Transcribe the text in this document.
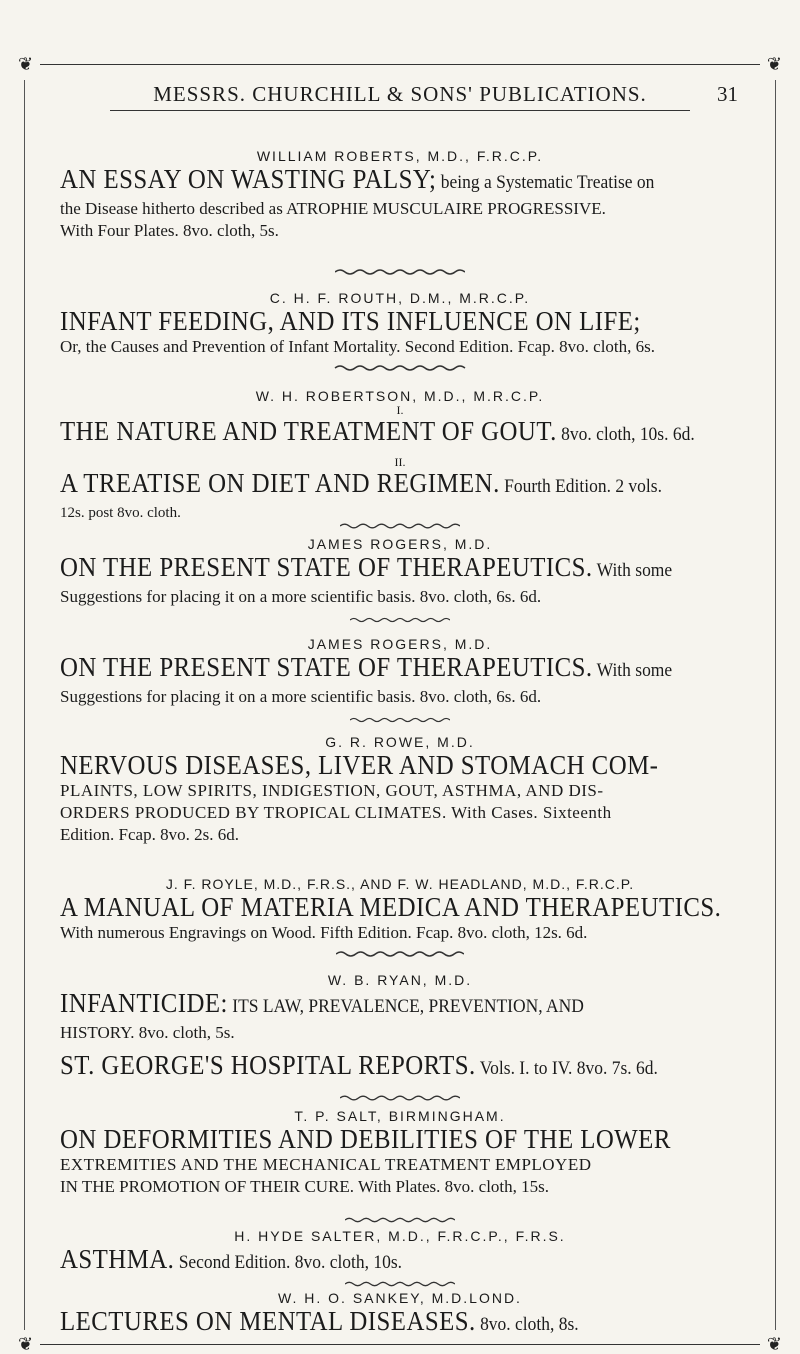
❦	❦
❦	❦
MESSRS. CHURCHILL & SONS' PUBLICATIONS.	31

WILLIAM ROBERTS, M.D., F.R.C.P.

AN ESSAY ON WASTING PALSY; being a Systematic Treatise on

the Disease hitherto described as ATROPHIE MUSCULAIRE PROGRESSIVE.

With Four Plates. 8vo. cloth, 5s.

C. H. F. ROUTH, D.M., M.R.C.P.

INFANT FEEDING, AND ITS INFLUENCE ON LIFE;

Or, the Causes and Prevention of Infant Mortality. Second Edition. Fcap. 8vo. cloth, 6s.

W. H. ROBERTSON, M.D., M.R.C.P.

I.

THE NATURE AND TREATMENT OF GOUT. 8vo. cloth, 10s. 6d.

II.

A TREATISE ON DIET AND REGIMEN. Fourth Edition. 2 vols.

12s. post 8vo. cloth.

JAMES ROGERS, M.D.

ON THE PRESENT STATE OF THERAPEUTICS. With some

Suggestions for placing it on a more scientific basis. 8vo. cloth, 6s. 6d.

JAMES ROGERS, M.D.

ON THE PRESENT STATE OF THERAPEUTICS. With some

Suggestions for placing it on a more scientific basis. 8vo. cloth, 6s. 6d.

G. R. ROWE, M.D.

NERVOUS DISEASES, LIVER AND STOMACH COM-

PLAINTS, LOW SPIRITS, INDIGESTION, GOUT, ASTHMA, AND DIS-

ORDERS PRODUCED BY TROPICAL CLIMATES. With Cases. Sixteenth

Edition. Fcap. 8vo. 2s. 6d.

J. F. ROYLE, M.D., F.R.S., AND F. W. HEADLAND, M.D., F.R.C.P.

A MANUAL OF MATERIA MEDICA AND THERAPEUTICS.

With numerous Engravings on Wood. Fifth Edition. Fcap. 8vo. cloth, 12s. 6d.

W. B. RYAN, M.D.

INFANTICIDE: ITS LAW, PREVALENCE, PREVENTION, AND

HISTORY. 8vo. cloth, 5s.

ST. GEORGE'S HOSPITAL REPORTS. Vols. I. to IV. 8vo. 7s. 6d.

T. P. SALT, BIRMINGHAM.

ON DEFORMITIES AND DEBILITIES OF THE LOWER

EXTREMITIES AND THE MECHANICAL TREATMENT EMPLOYED

IN THE PROMOTION OF THEIR CURE. With Plates. 8vo. cloth, 15s.

H. HYDE SALTER, M.D., F.R.C.P., F.R.S.

ASTHMA. Second Edition. 8vo. cloth, 10s.

W. H. O. SANKEY, M.D.LOND.

LECTURES ON MENTAL DISEASES. 8vo. cloth, 8s.
